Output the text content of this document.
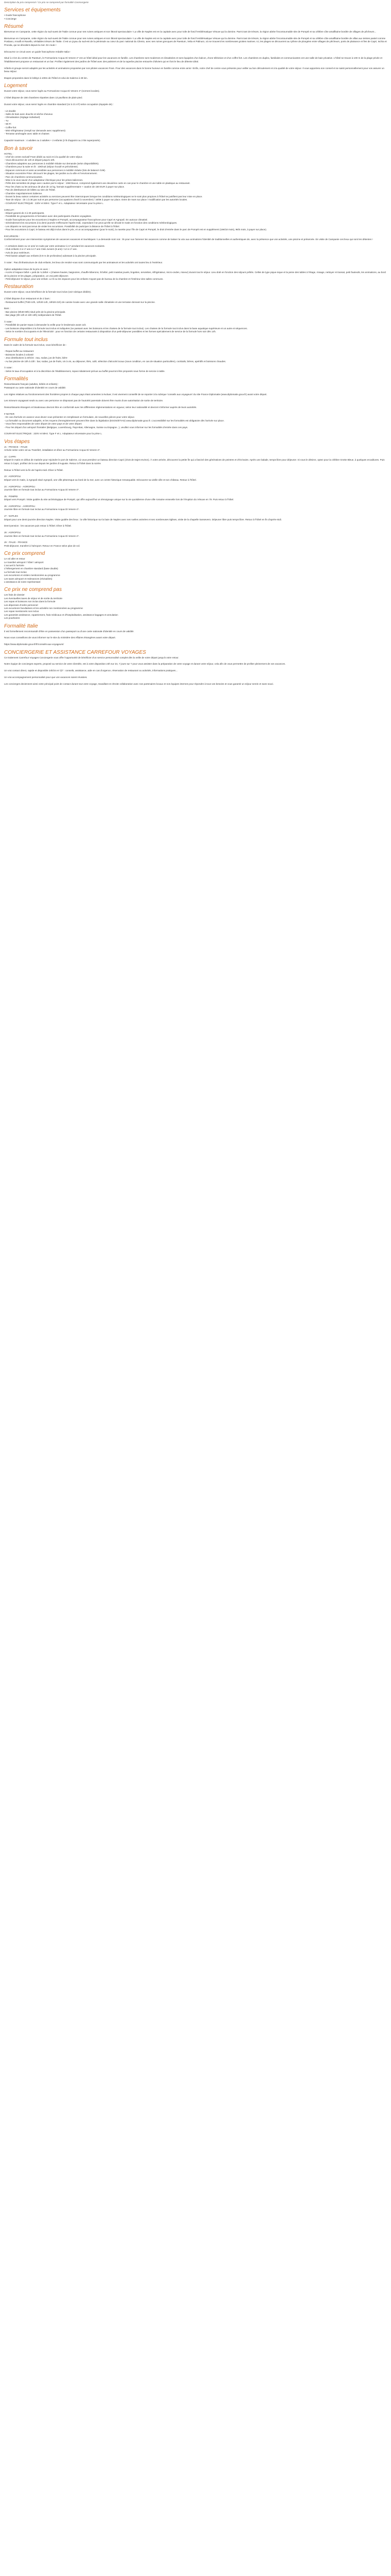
Description du prix compressé / Ce prix se comprend par formalité Connsergerie

Services et équipements

• Guide francophone

• Concierge

Résumé

Bienvenue en Campanie, cette région du sud-ouest de l'Italie connue pour ses ruines antiques et son littoral spectaculaire ! La ville de Naples est en la capitale avec pour toile de fond l'emblématique Vésuve qui la domine. Parmi tant de trésors, la région abrite l'incontournable site de Pompéi et sa célèbre côte amalfitaine bordée de villages de pêcheurs...

Bienvenue en Campanie, cette région du sud-ouest de l'Italie connue pour ses ruines antiques et son littoral spectaculaire ! La ville de Naples est en la capitale avec pour toile de fond l'emblématique Vésuve qui la domine. Parmi tant de trésors, la région abrite l'incontournable site de Pompéi et sa célèbre côte amalfitaine bordée de villas aux teintes pastel comme Positano, Amalfi et Ravello, véritables trésors de l'Italie. C'est un joyau du sud-est de la péninsule au cœur du parc national du Cilento, avec ses ruines grecques de Paestum, Velia et Palinuro, où se trouvent les nombreuses grottes marines. Ici, les plages se découvrent au rythme de plongées entre villages de pêcheurs, ports de plaisance et îles de Capri, Ischia et Procida, qui se dévoilent depuis la mer. En route !

Découvrez ce circuit avec un guide francophone Ardaèle Italia !

Situé à 4 km du centre de Paestum, le Formazione Acqua Di Venere 4* est un hôtel idéal pour les vacances en famille. Les chambres sont modernes et climatisées et sont équipées d'un balcon, d'une télévision et d'un coffre-fort. Les chambres en duplex, familiales et communicantes ont une salle de bain privative. L'hôtel se trouve à 100 m de la plage privée et l'établissement propose un restaurant et un bar. Profitez également des jardins de l'hôtel avec des palmiers et de la superbe piscine entourée d'oliviers qui en font le lieu de détente idéal.

Hôtels et groupe seront adaptés par les activités et animations proposées par nos pilotes vacances Fram. Pour des vacances dans le bonne humeur en famille comme entre amis ! Enfin, notre chef de centre vous présente pour veiller au bon déroulement et à la qualité de votre séjour. Il vous apportera son conseil et se saisit personnellement pour vos assurer un beau séjour.

Etapes proposées dans le lobbys à 100m de l'hôtel et celui de Salerne à 30 km.

Logement

Durant votre séjour, vous serez logés au Formazione Acqua Di Venere 4* (normes locales).

L'hôtel dispose de 166 chambres réparties dans 13 pavillons de plain-pied.

Durant votre séjour, vous serez logés en chambre standard (14 à 21 m²) selon occupation (équipée de) :

- Lit double

- Salle de bain avec douche et sèche-cheveux

- Climatisation (réglage individuel)

- TV

- Wi-Fi

- Coffre-fort

- Mini-réfrigérateur (rempli sur demande avec supplément)

- Terrasse aménagée avec table et chaises

Capacité maximum : 4 adultes ou 2 adultes + 2 enfants (2 lit d'appoint ou 2 lits superposés).

Bon à savoir

HOTEL :

- Chef de centre exclusif Fram dédié au suivi et à la qualité de votre séjour.

- Vous découvrirez de 14h et départ jusqu'à 10h.

- Chambres adaptées aux personnes à mobilité réduite sur demande (selon disponibilités).

- Chambres pour la suite en lit : 10€/nuit (séjour écoulé et précédente).

- Espaces communs et ainsi accessibles aux personnes à mobilité réduite (lots de balancé /10€).

- Situation excentrée Prise: découvrir les plages, les jardins ou la ville et l'environnement.

- Parc de chambres communicantes.

- Mise à la vous savoir d'un adaptateur électrique pour les prises italiennes.

- Prêts des serviettes de plage avec caution par le séjour : 10€/chacun, comprend également une deuxième carte en cas pour le chambre et une table en plastique au restaurant.

- Pour les chats ou les animaux de plus de 12 kg, harnais supplémentaire + caution de 150 EUR à payer sur place.

- Pas de distributeurs de billets au sein de l'hôtel.

- Chambre majoritairement italienne.

- Durant la beau saison certaines activités ou services peuvent être interrompues lorsque les conditions météorologiques ne le sont plus propices à l'hôtel se justifient pas leur mise en place.

- Taxe de séjour : de 1 à 3€ par nuit et par personne (occupations d'avril à novembre) / 1€/6€ à payer sur place. Entre de mars sur place / modification par les autorités locales.

- COURANT ELECTRIQUE : 220V et 50Hz. Type F et L. Adaptateur nécessaire pour la prise L.

CIRCUIT :

- Départ garanti de 2 à 30 participants.

- Possibilité de groupements et formation avec des participants d'autres voyagistes.

- Guide francophone pour les excursions à Naples et Pompéi, accompagnateur francophone pour Capri et Agropoli. En autocar climatisé.

- Généralement les excursions à la demi-journée s'effectuent l'après-midi, cependant il se peut qu'elle se décale le matin en fonction des conditions météorologiques.

- Les départs ne sont pas tenus de visiter les excursions. Possibilité de participer à distance de l'hôtel à l'hôtel.

- Pour les excursions à Capri, le bateau est déjà inclus dans le prix, et un accompagnateur (pour le suivi), la navette pour l'île de Capri et Pompéi, le droit d'entrée dans le parc de Pompéi est en supplément (16€/18 mois), 9€/5 mois, à payer sur place).

EXCURSION :

Conformément pour une intervention symptomes de vacances vacances et touristiques ! La demande sont nos : ils pour vue l'amener les vacances comme de laisser la voix aux animations l'identité de traditionnelles et authentiques de, avec la présence que vos activités, une piscine et préservée. En visite de Campanie ces lieux qui sont les détentes !

- A certaines dates ou 12 ans/ en suite par votre animateur à 17 pendant les vacances scolaires.

- Club enfants 3 à 17 ans à 17 ans Club Juniors (6 ans) / 12 à 17 ans.

- Avis de jeux extérieurs.

- Petit bassin adapté aux enfants (0.9 m de profondeur) adossant à la piscine principale.

À noter : Pas d'infrastructure de club enfants, les lieux de rendez-vous sont communiqués par les animateurs et les activités ont toutes lieu à l'extérieur.

Option adaptative issue de la prix en avec :

- Accès à l'espace bébé « petit de ¾ bébé » (chaises-hautes, baignoires, chauffe-biberons, lit bébé, petit matelas jouets, lingettes, serviettes, réfrigérateur, micro-ondes, mixeur) durant tout le séjour. Lieu doté en fonction des séjours prêtés. Celles de type pique-nique et la peine des tables à l'étage, mixage, nettoyer et transat, petit fauteuils, les animations, au bord de la piscine et les plages, préparation, un vrai petit-déjeuner.

- Petit-déjeuner le séjour, pour une enfant. Le lit ou les espaces pour les enfants n'ayant pas de bureau de la chambre et l'intérieur des salles communs.

Restauration

Durant votre séjour, vous bénéficiez de la formule tout inclus (voir rubrique dédiée).

L'hôtel dispose d'un restaurant et de 2 bars :

- Restaurant buffet (7h30-10h, 12h30-14h, 19h30-21h) de cuisine locale avec une grande salle climatisée et une terrasse donnant sur la piscine.

Bars :

- Bar piscine (9h30-00h) situé près de la piscine principale.

- Bar plage (9h-13h et 15h-19h) indépendant de l'hôtel.

À noter :

- Possibilité de panier-repas à demander la veille pour le lendemain avant 11h.

- Les boissons disponibles à la formule tout inclus et indiquées (ne passant avec les boissons et les chaises de la formule tout inclus). Les chaises de la formule tout inclus dans la base aquatique supérieure et un autre et séquences.

- Selon le nombre d'occupants et de l'électricité : pour en fonction de certains restaurants à disposition d'un petit-déjeuner possibles et les formes spécialement de service de la formule hors soir dès 14h.

Formule tout inclus

Dans le cadre de la formule tout inclus, vous bénéficiez de :

- Repas buffet au restaurant

- Boissons locales à volonté

- Jeux distributions à 24h/24 : eau, sodas, jus de fruits, bière

- Au bar piscine de 10h à 23h : bar, sodas, jus de fruits, vin à vin, au déjeuner, thés, café, sélection d'alcools locaux (sous condition, en cas de situation particulière), cocktails, bières, apéritifs et boissons chaudes.

À noter :

- Selon le taux d'occupation et à la discrétion de l'établissement, repas initialement prévus au buffet pourront être proposés sous forme de service à table.

Formalités

Ressortissants français (adultes, bébés et enfants) :

Passeport ou carte nationale d'identité en cours de validité.

Les règles relatives au fonctionnement des frontières propres à chaque pays étant amenées à évoluer, il est vivement conseillé de se reporter à la rubrique 'conseils aux voyageurs' du site France Diplomatie (www.diplomatie.gouv.fr) avant votre départ.

Les mineurs voyageant seuls ou avec une personne ne disposant pas de l'autorité parentale doivent être munis d'une autorisation de sortie de territoire.

Ressortissants étrangers et binationaux devront être en conformité avec les différentes réglementations en vigueur, selon leur nationalité et devront s'informer auprès de leurs autorités.

# NOTER

- En cas d'arrivée en avance vous devez vous présenter en remplissant un formulaire, de nouvelles pièces pour votre séjour.

- La formalité ou document adaptés, et les moyens d'enregistrement peuvent être dans la législation (EGOS/ETIAS) www.diplomatie.gouv.fr. L'accessibilité sur les formalités est obligatoire dès l'arrivée sur place.

- Vous êtes responsables de votre départ de votre pays et de votre départ.

- Pour les départ d'un aéroport frontalier (Belgique, Luxembourg, Pays-Bas, Allemagne, Suisse ou Espagne...), veuillez vous informer sur les formalités d'entrée dans ces pays.

COURANT ELECTRIQUE : 220V et 50Hz. Type F et L. Adaptateur nécessaire pour la prise L.

Vos étapes

J1 : FRANCE - ITALIE

Arrivée selon votre vol au Transfert, installation et dîner au Formazione Acqua Di Venere 4*.

J2 : CAPRI

Départ le matin en début de matinée pour rejoindre le port de Salerne, où vous prendrez un bateau direction Capri (1h15 de trajet environ). À votre arrivée, découvrez la petite île qui a fasciné des générations de peintres et d'écrivains. Après une balade, temps libre pour déjeuner. Si vous le désirez, optez pour la célèbre Grotte Bleue, à quelques encablures. Puis retour à Capri, profitez de la vue depuis les jardins d'Auguste. Retour à l'hôtel dans la soirée.

Retour à l'hôtel vers la fin de l'après-midi. Dîner à l'hôtel.

J3 : AGROPOLI

Départ vers le matin, à Agropoli situé Agropoli, une ville pittoresque au bord de la mer, avec un centre historique remarquable. Découvrez sa vieille ville et son château. Retour à l'hôtel.

J4 : AGROPOLI - AGROPOLI

Journée libre en formule tout inclus au Formazione Acqua Di Venere 4*.

J5 : POMPEI

Départ vers Pompéi. Visite guidée du site archéologique de Pompéi, qui offre aujourd'hui un témoignage unique sur la vie quotidienne d'une ville romaine ensevelie lors de l'éruption du Vésuve en 79. Puis retour à l'hôtel.

J6 : AGROPOLI - AGROPOLI

Journée libre en formule tout inclus au Formazione Acqua Di Venere 4*.

J7 : NAPLES

Départ pour une demi-journée direction Naples. Visite guidée des lieux : la ville historique sur la baie de Naples avec ses ruelles animées et ses nombreuses églises, visite de la chapelle Sansevero. Déjeuner libre puis temps libre. Retour à l'hôtel en fin d'après-midi.

Demi-pension : les vacances puis retour à l'hôtel. Dîner à l'hôtel.

J8 : AGROPOLI

Journée libre en formule tout inclus au Formazione Acqua Di Venere 4*.

J9 : ITALIE - FRANCE

Petit-déjeuner, transfert à l'aéroport. Retour en France selon plan de vol.

Ce prix comprend

Le vol aller et retour

Le transfert aéroport / hôtel / aéroport

L'accueil à l'arrivée

L'hébergement en chambre standard (base double)

La formule tout inclus

Les excursions et visites mentionnées au programme

Les taxes aéroport et redevances (révisables)

L'assistance de notre représentant

Ce prix ne comprend pas

Les frais de dossier

Les éventuelles taxes de séjour et de sortie du territoire

Les repas et boissons non inclus dans la formule

Les dépenses d'ordre personnel

Les excursions facultatives et les activités non mentionnées au programme

Les repas mentionnés non inclus

Les garanties assistance, rapatriement, frais médicaux et d'hospitalisation, assistance bagages et annulation

Les pourboires

Formalité Italie

Il est formellement recommandé d'être en possession d'un passeport ou d'une carte nationale d'identité en cours de validité.

Nous vous conseillons de vous informer sur le site du ministère des Affaires étrangères avant votre départ.

https://www.diplomatie.gouv.fr/fr/conseils-aux-voyageurs/

CONCIERGERIE ET ASSISTANCE CARREFOUR VOYAGES

Ce traitement Carrefour Voyages Conciergerie vous offre l'opportunité de bénéficier d'un service personnalisé complet dès la veille de votre départ jusqu'à votre retour.

Notre équipe de concierges experts, proposé au service de votre clientèle, est à votre disposition 24h sur 24, 7 jours sur 7 pour vous assister dans la préparation de votre voyage et durant votre séjour, cela afin de vous permettre de profiter pleinement de vos vacances.

Un vrai contact direct, rapide et disponible 24h/24 et 7j/7 : conseils, assistance, aide en cas d'urgence, réservation de restaurant ou activités, informations pratiques...

Un vrai accompagnement personnalisé pour que vos vacances soient réussies.

Les concierges deviennent ainsi votre principal point de contact durant tout votre voyage, travaillant en étroite collaboration avec nos partenaires locaux et nos équipes internes pour répondre à tous vos besoins et vous garantir un séjour serein et sans souci.
